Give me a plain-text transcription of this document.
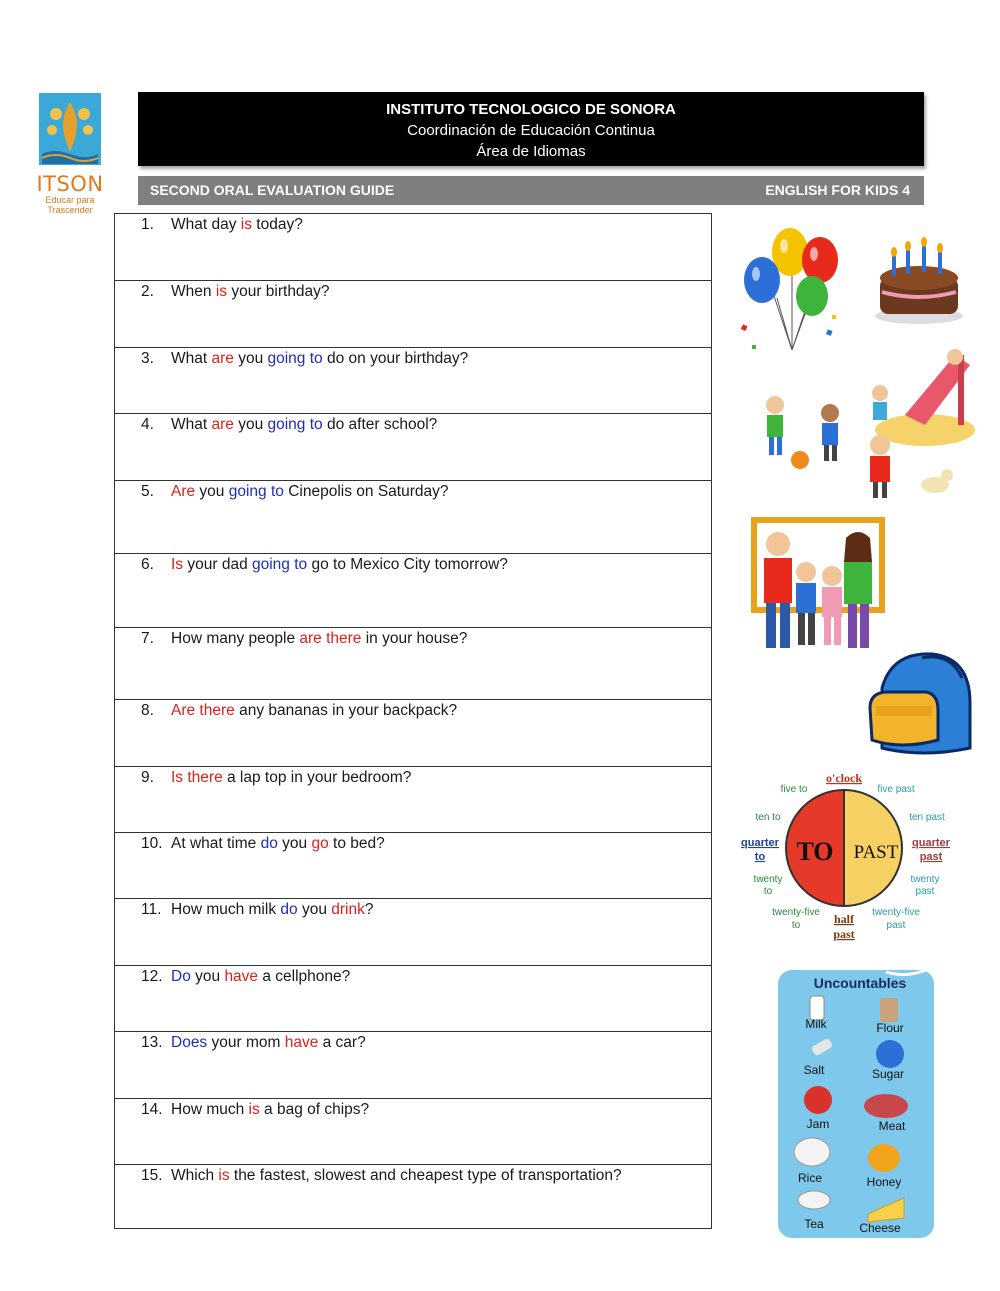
ITSON
Educar para
Trascender
INSTITUTO TECNOLOGICO DE SONORA
Coordinación de Educación Continua
Área de Idiomas
SECOND ORAL EVALUATION GUIDE	ENGLISH FOR KIDS 4
1. What day is today?
2. When is your birthday?
3. What are you going to do on your birthday?
4. What are you going to do after school?
5. Are you going to Cinepolis on Saturday?
6. Is your dad going to go to Mexico City tomorrow?
7. How many people are there in your house?
8. Are there any bananas in your backpack?
9. Is there a lap top in your bedroom?
10. At what time do you go to bed?
11. How much milk do you drink?
12. Do you have a cellphone?
13. Does your mom have a car?
14. How much is a bag of chips?
15. Which is the fastest, slowest and cheapest type of transportation?
TO PAST
o'clock
half
past
five to
ten to
quarter
to
twenty
to
twenty-five
to
five past
ten past
quarter
past
twenty
past
twenty-five
past
Uncountables
Milk	Flour
Salt	Sugar
Jam	Meat
Rice	Honey
Tea	Cheese
